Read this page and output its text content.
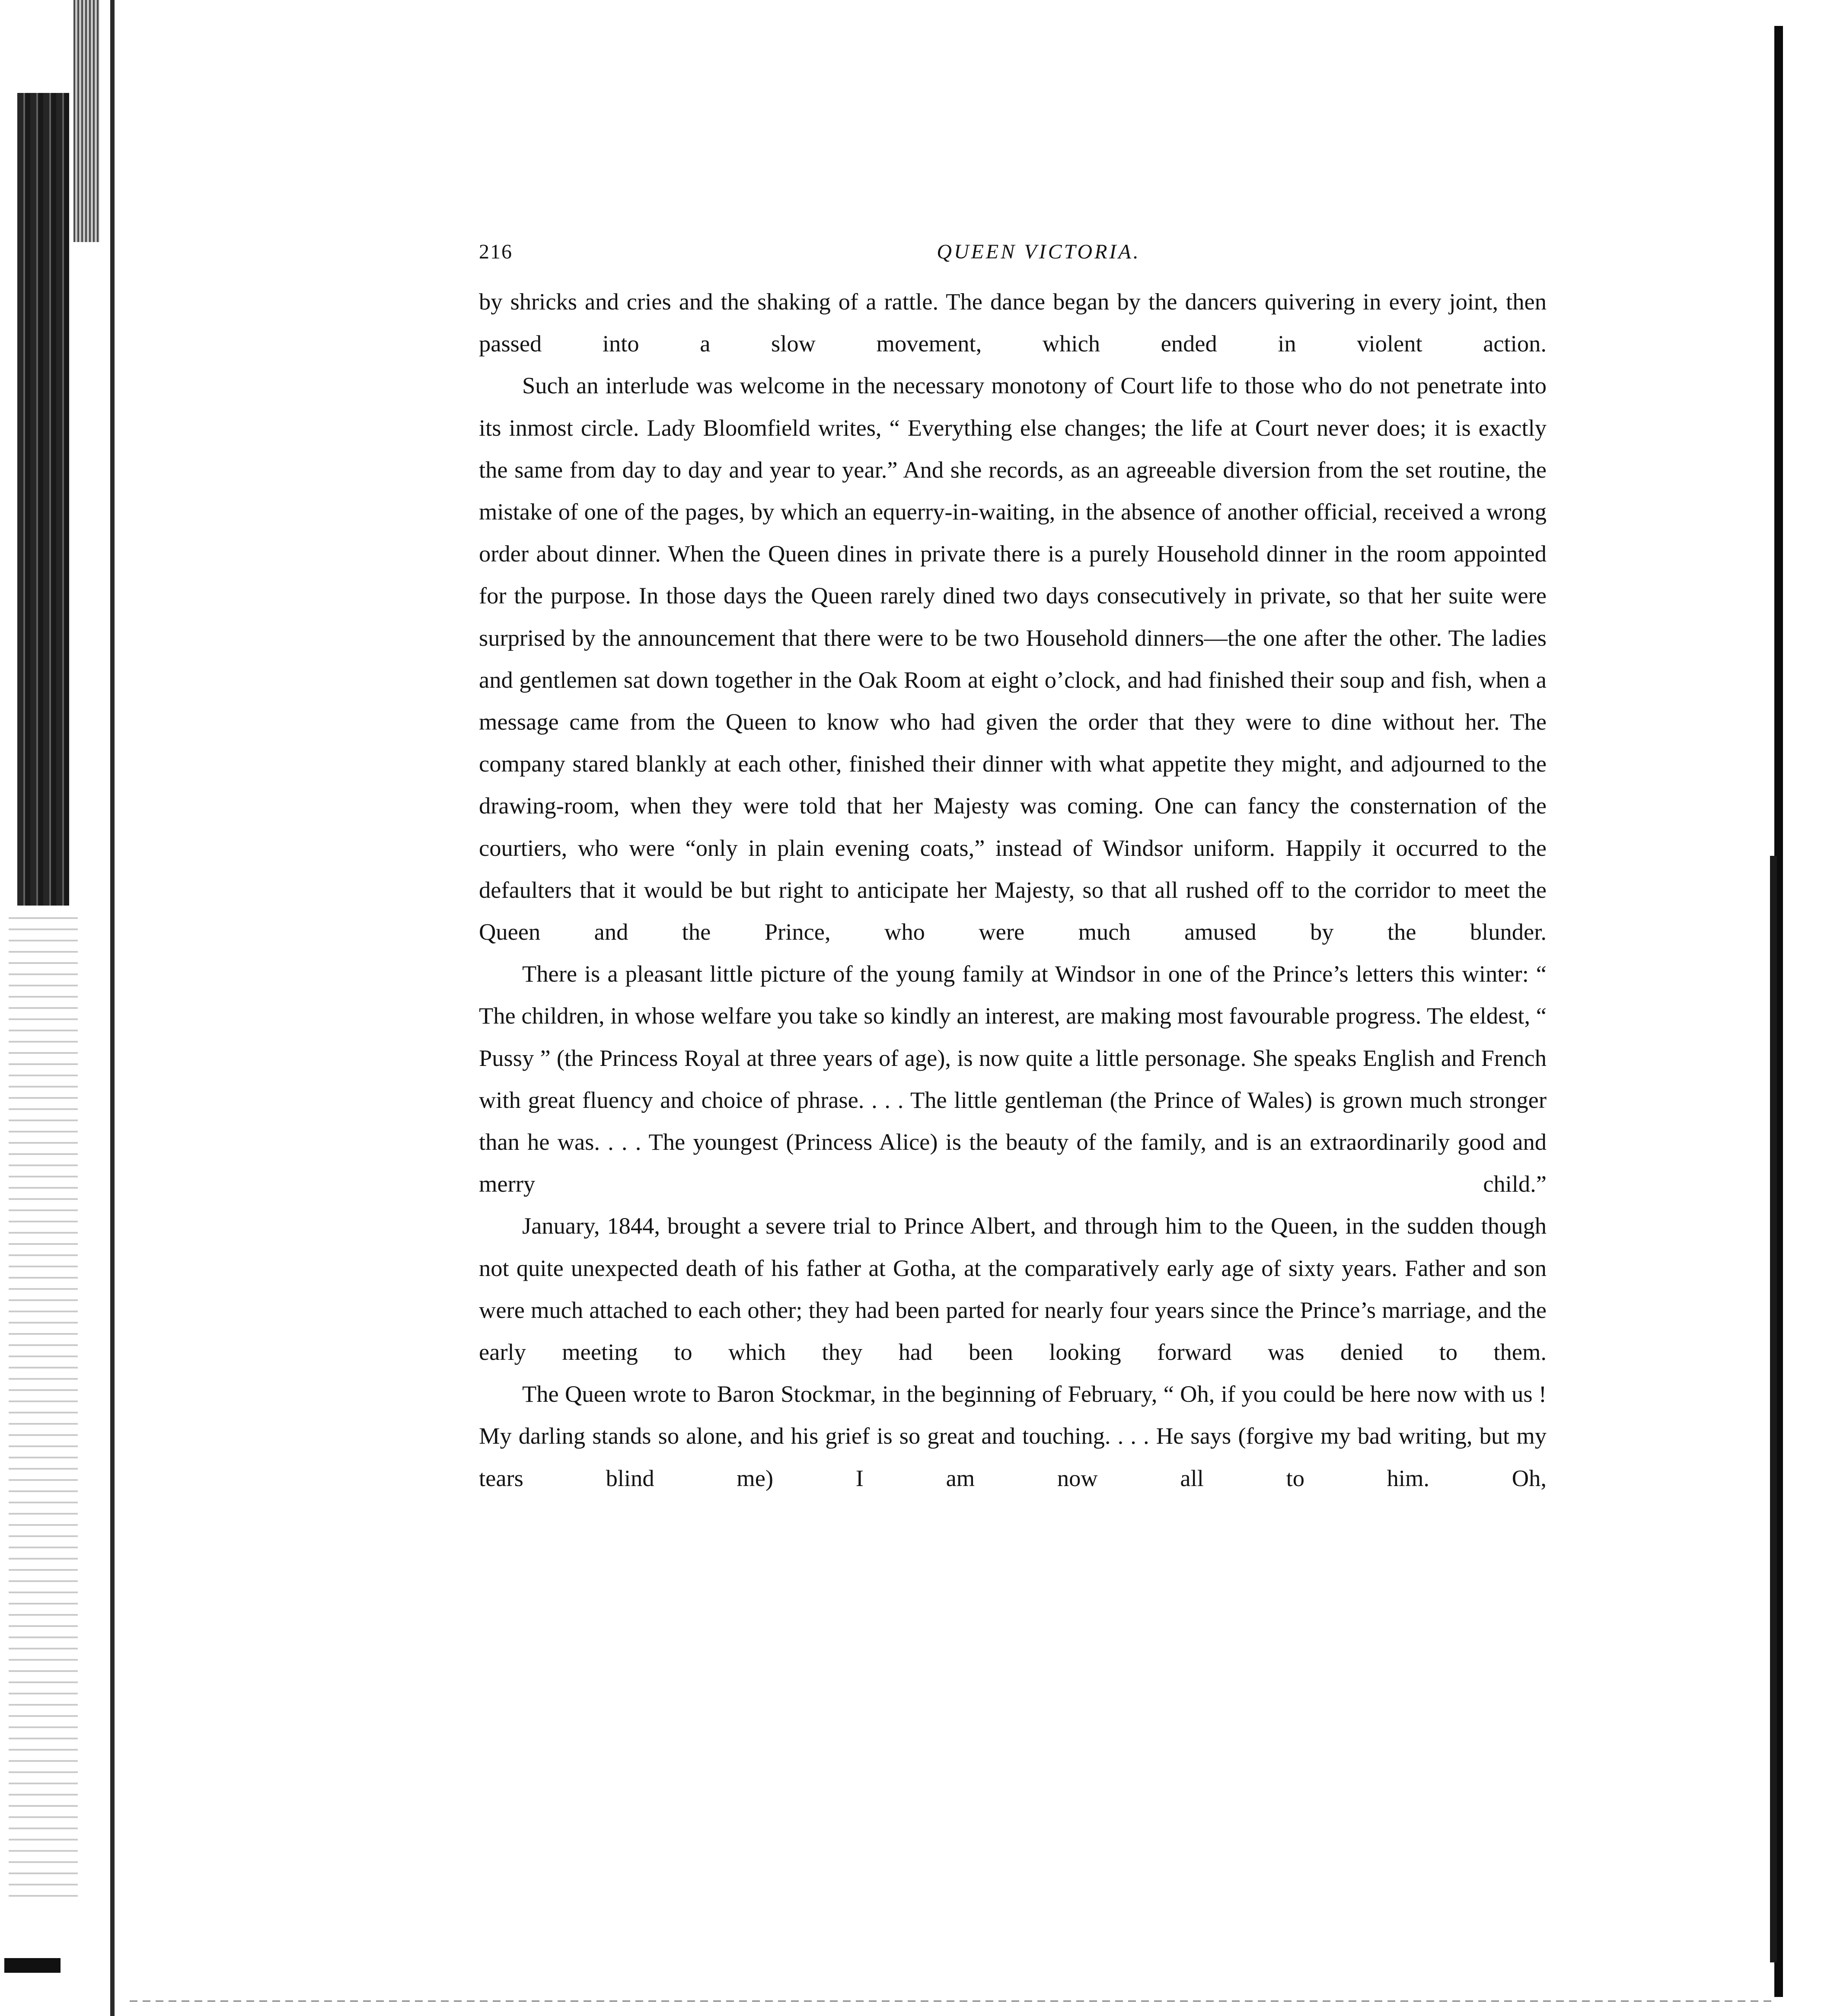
216	QUEEN VICTORIA.

by shricks and cries and the shaking of a rattle. The dance began by the dancers quivering in every joint, then passed into a slow movement, which ended in violent action.

Such an interlude was welcome in the necessary monotony of Court life to those who do not penetrate into its inmost circle. Lady Bloomfield writes, “ Everything else changes; the life at Court never does; it is exactly the same from day to day and year to year.” And she records, as an agreeable diversion from the set routine, the mistake of one of the pages, by which an equerry-in-waiting, in the absence of another official, received a wrong order about dinner. When the Queen dines in private there is a purely Household dinner in the room appointed for the purpose. In those days the Queen rarely dined two days consecutively in private, so that her suite were surprised by the announcement that there were to be two Household dinners—the one after the other. The ladies and gentlemen sat down together in the Oak Room at eight o’clock, and had finished their soup and fish, when a message came from the Queen to know who had given the order that they were to dine without her. The company stared blankly at each other, finished their dinner with what appetite they might, and adjourned to the drawing-room, when they were told that her Majesty was coming. One can fancy the consternation of the courtiers, who were “only in plain evening coats,” instead of Windsor uniform. Happily it occurred to the defaulters that it would be but right to anticipate her Majesty, so that all rushed off to the corridor to meet the Queen and the Prince, who were much amused by the blunder.

There is a pleasant little picture of the young family at Windsor in one of the Prince’s letters this winter: “ The children, in whose welfare you take so kindly an interest, are making most favourable progress. The eldest, “ Pussy ” (the Princess Royal at three years of age), is now quite a little personage. She speaks English and French with great fluency and choice of phrase. . . . The little gentleman (the Prince of Wales) is grown much stronger than he was. . . . The youngest (Princess Alice) is the beauty of the family, and is an extraordinarily good and merry child.”

January, 1844, brought a severe trial to Prince Albert, and through him to the Queen, in the sudden though not quite unexpected death of his father at Gotha, at the comparatively early age of sixty years. Father and son were much attached to each other; they had been parted for nearly four years since the Prince’s marriage, and the early meeting to which they had been looking forward was denied to them.

The Queen wrote to Baron Stockmar, in the beginning of February, “ Oh, if you could be here now with us ! My darling stands so alone, and his grief is so great and touching. . . . He says (forgive my bad writing, but my tears blind me) I am now all to him. Oh,
